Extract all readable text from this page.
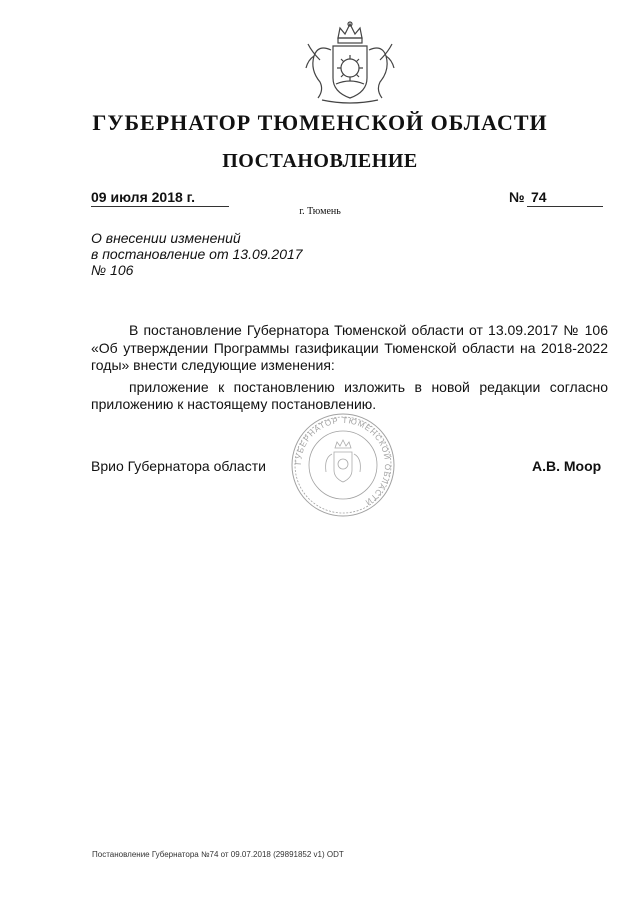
ГУБЕРНАТОР ТЮМЕНСКОЙ ОБЛАСТИ
ПОСТАНОВЛЕНИЕ
09 июля 2018 г.	№ 74
г. Тюмень
О внесении изменений
в постановление от 13.09.2017
№ 106

В постановление Губернатора Тюменской области от 13.09.2017 № 106 «Об утверждении Программы газификации Тюменской области на 2018-2022 годы» внести следующие изменения:

приложение к постановлению изложить в новой редакции согласно приложению к настоящему постановлению.

ГУБЕРНАТОР ТЮМЕНСКОЙ ОБЛАСТИ
Врио Губернатора области	А.В. Моор
Постановление Губернатора №74 от 09.07.2018 (29891852 v1) ODT
